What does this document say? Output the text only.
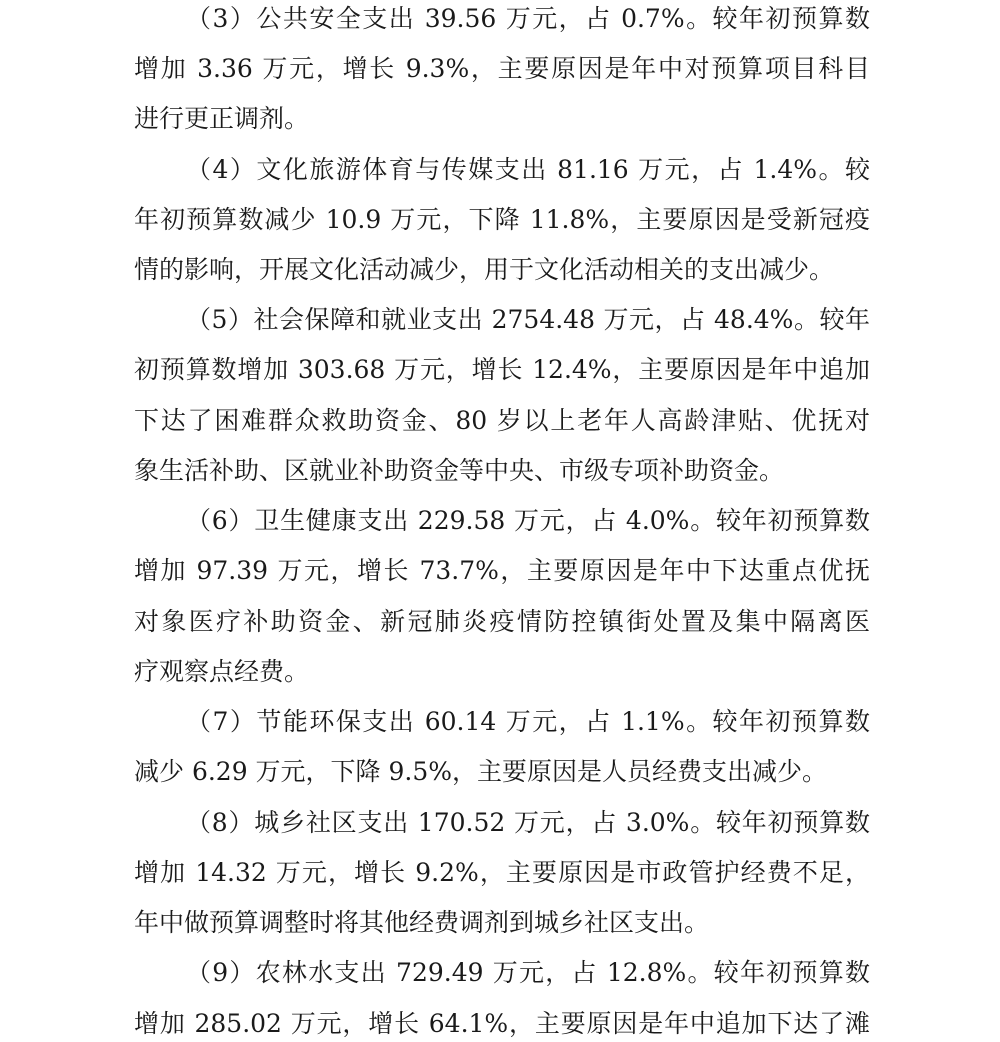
（3）公共安全支出 39.56 万元，占 0.7%。较年初预算数
增加 3.36 万元，增长 9.3%，主要原因是年中对预算项目科目
进行更正调剂。
（4）文化旅游体育与传媒支出 81.16 万元，占 1.4%。较
年初预算数减少 10.9 万元，下降 11.8%，主要原因是受新冠疫
情的影响，开展文化活动减少，用于文化活动相关的支出减少。
（5）社会保障和就业支出 2754.48 万元，占 48.4%。较年
初预算数增加 303.68 万元，增长 12.4%，主要原因是年中追加
下达了困难群众救助资金、80 岁以上老年人高龄津贴、优抚对
象生活补助、区就业补助资金等中央、市级专项补助资金。
（6）卫生健康支出 229.58 万元，占 4.0%。较年初预算数
增加 97.39 万元，增长 73.7%，主要原因是年中下达重点优抚
对象医疗补助资金、新冠肺炎疫情防控镇街处置及集中隔离医
疗观察点经费。
（7）节能环保支出 60.14 万元，占 1.1%。较年初预算数
减少 6.29 万元，下降 9.5%，主要原因是人员经费支出减少。
（8）城乡社区支出 170.52 万元，占 3.0%。较年初预算数
增加 14.32 万元，增长 9.2%，主要原因是市政管护经费不足，
年中做预算调整时将其他经费调剂到城乡社区支出。
（9）农林水支出 729.49 万元，占 12.8%。较年初预算数
增加 285.02 万元，增长 64.1%，主要原因是年中追加下达了滩
